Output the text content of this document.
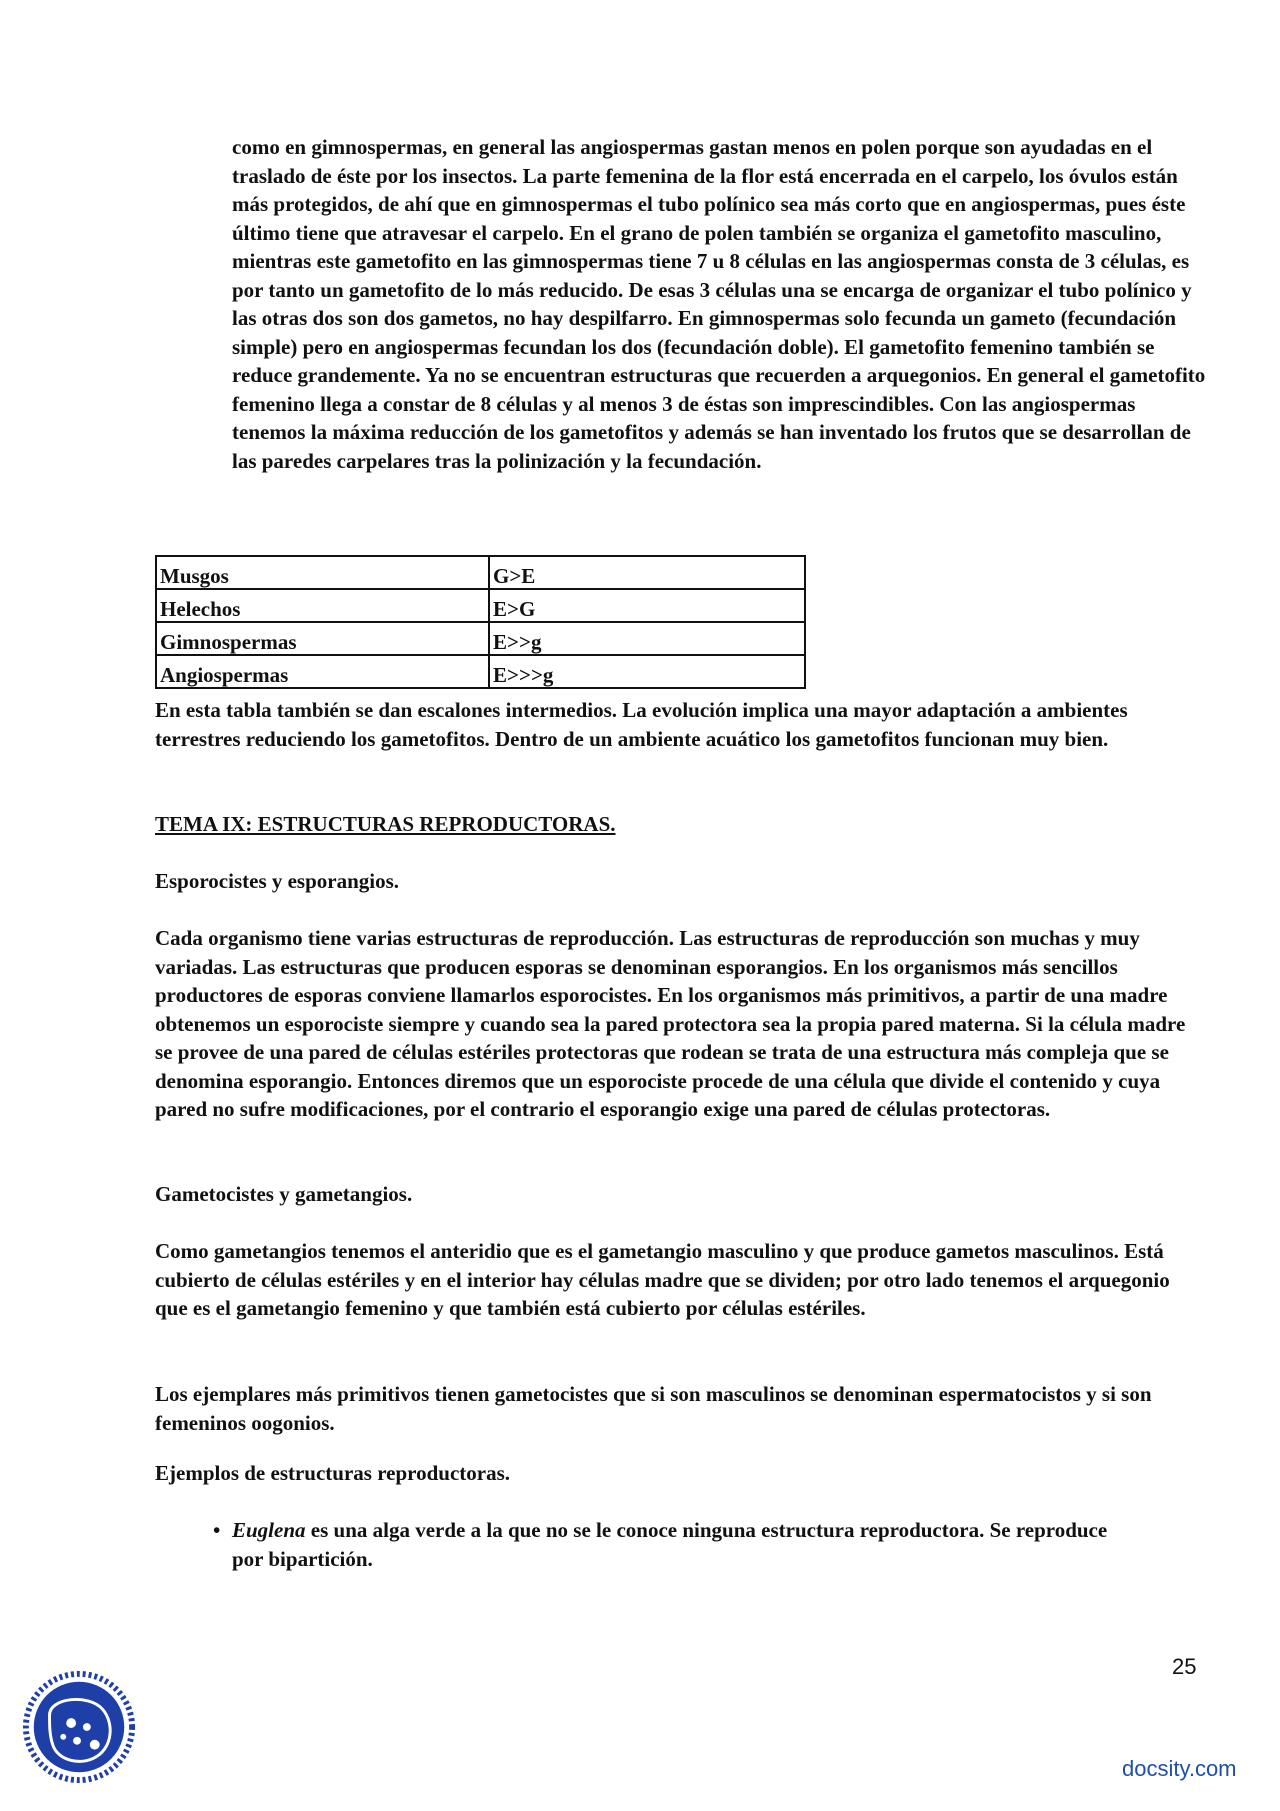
como en gimnospermas, en general las angiospermas gastan menos en polen porque son ayudadas en el traslado de éste por los insectos. La parte femenina de la flor está encerrada en el carpelo, los óvulos están más protegidos, de ahí que en gimnospermas el tubo polínico sea más corto que en angiospermas, pues éste último tiene que atravesar el carpelo. En el grano de polen también se organiza el gametofito masculino, mientras este gametofito en las gimnospermas tiene 7 u 8 células en las angiospermas consta de 3 células, es por tanto un gametofito de lo más reducido. De esas 3 células una se encarga de organizar el tubo polínico y las otras dos son dos gametos, no hay despilfarro. En gimnospermas solo fecunda un gameto (fecundación simple) pero en angiospermas fecundan los dos (fecundación doble). El gametofito femenino también se reduce grandemente. Ya no se encuentran estructuras que recuerden a arquegonios. En general el gametofito femenino llega a constar de 8 células y al menos 3 de éstas son imprescindibles. Con las angiospermas tenemos la máxima reducción de los gametofitos y además se han inventado los frutos que se desarrollan de las paredes carpelares tras la polinización y la fecundación.

Musgos	G>E
Helechos	E>G
Gimnospermas	E>>g
Angiospermas	E>>>g

En esta tabla también se dan escalones intermedios. La evolución implica una mayor adaptación a ambientes terrestres reduciendo los gametofitos. Dentro de un ambiente acuático los gametofitos funcionan muy bien.

TEMA IX: ESTRUCTURAS REPRODUCTORAS.

Esporocistes y esporangios.

Cada organismo tiene varias estructuras de reproducción. Las estructuras de reproducción son muchas y muy variadas. Las estructuras que producen esporas se denominan esporangios. En los organismos más sencillos productores de esporas conviene llamarlos esporocistes. En los organismos más primitivos, a partir de una madre obtenemos un esporociste siempre y cuando sea la pared protectora sea la propia pared materna. Si la célula madre se provee de una pared de células estériles protectoras que rodean se trata de una estructura más compleja que se denomina esporangio. Entonces diremos que un esporociste procede de una célula que divide el contenido y cuya pared no sufre modificaciones, por el contrario el esporangio exige una pared de células protectoras.

Gametocistes y gametangios.

Como gametangios tenemos el anteridio que es el gametangio masculino y que produce gametos masculinos. Está cubierto de células estériles y en el interior hay células madre que se dividen; por otro lado tenemos el arquegonio que es el gametangio femenino y que también está cubierto por células estériles.

Los ejemplares más primitivos tienen gametocistes que si son masculinos se denominan espermatocistos y si son femeninos oogonios.

Ejemplos de estructuras reproductoras.

• Euglena es una alga verde a la que no se le conoce ninguna estructura reproductora. Se reproduce por bipartición.
25
docsity.com
